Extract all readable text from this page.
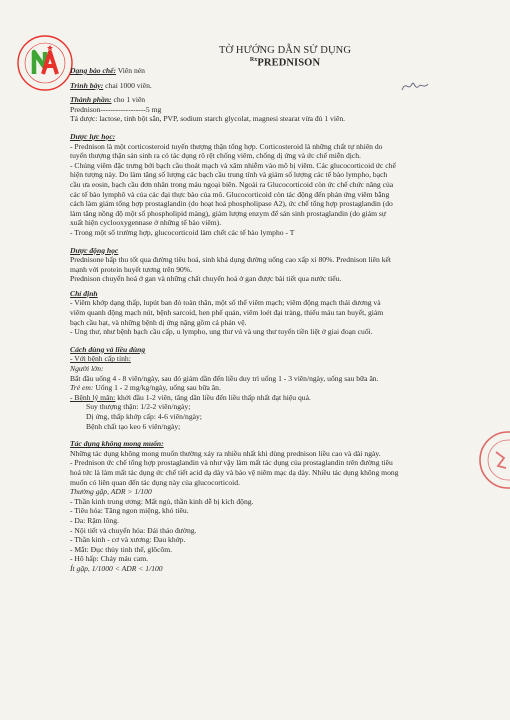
TỜ HƯỚNG DẪN SỬ DỤNG
$^{Rx}$PREDNISON

Dạng bào chế: Viên nén

Trình bày: chai 1000 viên.

Thành phần: cho 1 viên

Prednison------------------5 mg

Tá dược: lactose, tinh bột sắn, PVP, sodium starch glycolat, magnesi stearat vừa đủ 1 viên.

Dược lực học:

- Prednison là một corticosteroid tuyến thượng thận tổng hợp. Corticosteroid là những chất tự nhiên do

tuyến thượng thận sản sinh ra có tác dụng rõ rệt chống viêm, chống dị ứng và ức chế miễn dịch.

- Chúng viêm đặc trưng bởi bạch cầu thoát mạch và xâm nhiễm vào mô bị viêm. Các glucocorticoid ức chế

hiện tượng này. Do làm tăng số lượng các bạch cầu trung tính và giảm số lượng các tế bào lympho, bạch

cầu ưa eosin, bạch cầu đơn nhân trong máu ngoại biên. Ngoài ra Glucocorticoid còn ức chế chức năng của

các tế bào lymphô và của các đại thực bào của mô. Glucocorticoid còn tác động đến phản ứng viêm bằng

cách làm giảm tổng hợp prostaglandin (do hoạt hoá phospholipase A2), ức chế tổng hợp prostaglandin (do

làm tăng nồng độ một số phospholipid màng), giảm lượng enzym để sản sinh prostaglandin (do giảm sự

xuất hiện cyclooxygennase ở những tế bào viêm).

- Trong một số trường hợp, glucocorticoid làm chết các tế bào lympho - T

Dược động học

Prednisone hấp thu tốt qua đường tiêu hoá, sinh khả dụng đường uống cao xấp xỉ 80%. Prednison liên kết

mạnh với protein huyết tương trên 90%.

Prednison chuyển hoá ở gan và những chất chuyển hoá ở gan được bài tiết qua nước tiểu.

Chỉ định

- Viêm khớp dạng thấp, lupút ban đỏ toàn thân, một số thể viêm mạch; viêm động mạch thái dương và

viêm quanh động mạch nút, bệnh sarcoid, hen phế quản, viêm loét đại tràng, thiếu máu tan huyết, giảm

bạch cầu hạt, và những bệnh dị ứng nặng gồm cả phản vệ.

- Ung thư, như bệnh bạch cầu cấp, u lympho, ung thư vú và ung thư tuyến tiền liệt ở giai đoạn cuối.

Cách dùng và liều dùng

- Với bệnh cấp tính:

Người lớn:

Bắt đầu uống 4 - 8 viên/ngày, sau đó giảm dần đến liều duy trì uống 1 - 3 viên/ngày, uống sau bữa ăn.

Trẻ em: Uống 1 - 2 mg/kg/ngày, uống sau bữa ăn.

- Bệnh lý mãn: khởi đầu 1-2 viên, tăng dần liều đến liều thấp nhất đạt hiệu quả.

Suy thượng thận: 1/2-2 viên/ngày;

Dị ứng, thấp khớp cấp: 4-6 viên/ngày;

Bệnh chất tạo keo 6 viên/ngày;

Tác dụng không mong muốn:

Những tác dụng không mong muốn thường xảy ra nhiều nhất khi dùng prednison liều cao và dài ngày.

- Prednison ức chế tổng hợp prostaglandin và như vậy làm mất tác dụng của prostaglandin trên đường tiêu

hoá tức là làm mất tác dụng ức chế tiết acid dạ dày và bảo vệ niêm mạc dạ dày. Nhiều tác dụng không mong

muốn có liên quan đến tác dụng này của glucocorticoid.

Thường gặp, ADR > 1/100

- Thần kinh trung ương: Mất ngủ, thần kinh dễ bị kích động.

- Tiêu hóa: Tăng ngon miệng, khó tiêu.

- Da: Rậm lông.

- Nội tiết và chuyển hóa: Đái tháo đường.

- Thần kinh - cơ và xương: Đau khớp.

- Mắt: Đục thủy tinh thể, glôcôm.

- Hô hấp: Chảy máu cam.

Ít gặp, 1/1000 < ADR < 1/100
